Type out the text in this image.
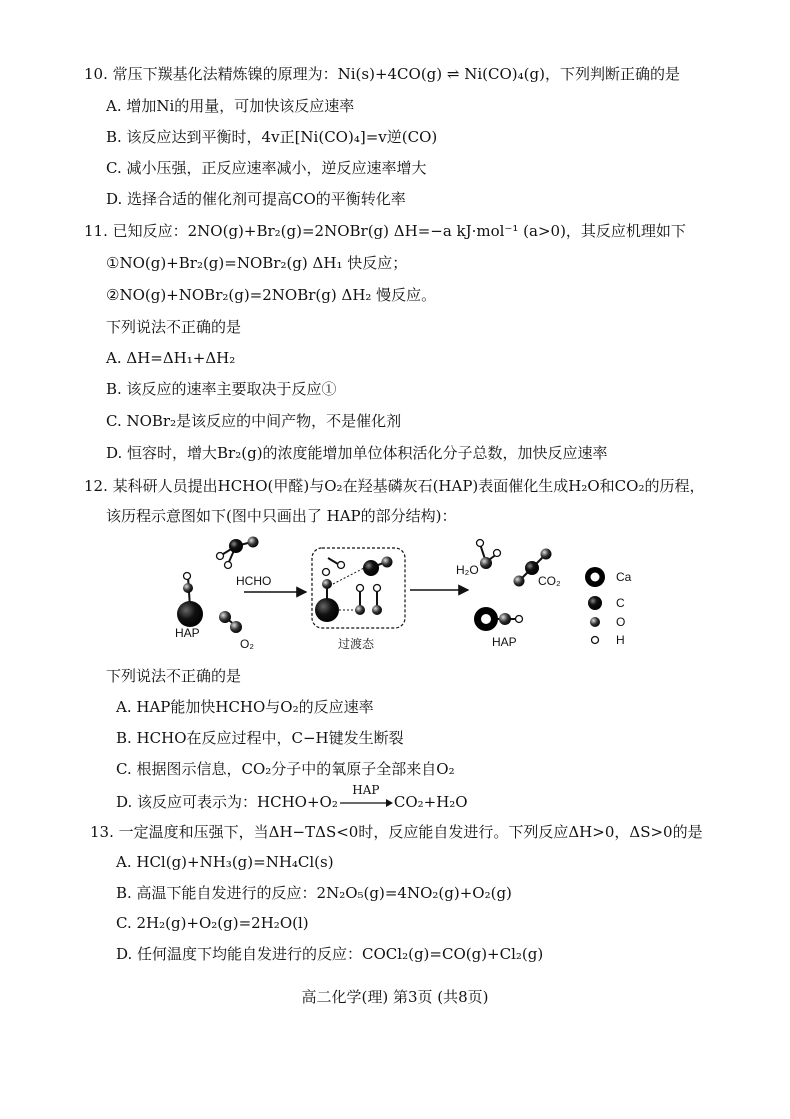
10. 常压下羰基化法精炼镍的原理为：Ni(s)+4CO(g) ⇌ Ni(CO)₄(g)，下列判断正确的是
A. 增加Ni的用量，可加快该反应速率
B. 该反应达到平衡时，4v正[Ni(CO)₄]=v逆(CO)
C. 减小压强，正反应速率减小，逆反应速率增大
D. 选择合适的催化剂可提高CO的平衡转化率
11. 已知反应：2NO(g)+Br₂(g)=2NOBr(g) ΔH=−a kJ·mol⁻¹ (a>0)，其反应机理如下
①NO(g)+Br₂(g)=NOBr₂(g) ΔH₁ 快反应；
②NO(g)+NOBr₂(g)=2NOBr(g) ΔH₂ 慢反应。
下列说法不正确的是
A. ΔH=ΔH₁+ΔH₂
B. 该反应的速率主要取决于反应①
C. NOBr₂是该反应的中间产物，不是催化剂
D. 恒容时，增大Br₂(g)的浓度能增加单位体积活化分子总数，加快反应速率
12. 某科研人员提出HCHO(甲醛)与O₂在羟基磷灰石(HAP)表面催化生成H₂O和CO₂的历程，
该历程示意图如下(图中只画出了 HAP的部分结构)：
HAP
HCHO
O₂	过渡态
H₂O
CO₂
HAP
Ca
C
O
H
下列说法不正确的是
A. HAP能加快HCHO与O₂的反应速率
B. HCHO在反应过程中，C−H键发生断裂
C. 根据图示信息，CO₂分子中的氧原子全部来自O₂
D. 该反应可表示为：HCHO+O₂
HAP
CO₂+H₂O
13. 一定温度和压强下，当ΔH−TΔS<0时，反应能自发进行。下列反应ΔH>0，ΔS>0的是
A. HCl(g)+NH₃(g)=NH₄Cl(s)
B. 高温下能自发进行的反应：2N₂O₅(g)=4NO₂(g)+O₂(g)
C. 2H₂(g)+O₂(g)=2H₂O(l)
D. 任何温度下均能自发进行的反应：COCl₂(g)=CO(g)+Cl₂(g)
高二化学(理) 第3页 (共8页)
